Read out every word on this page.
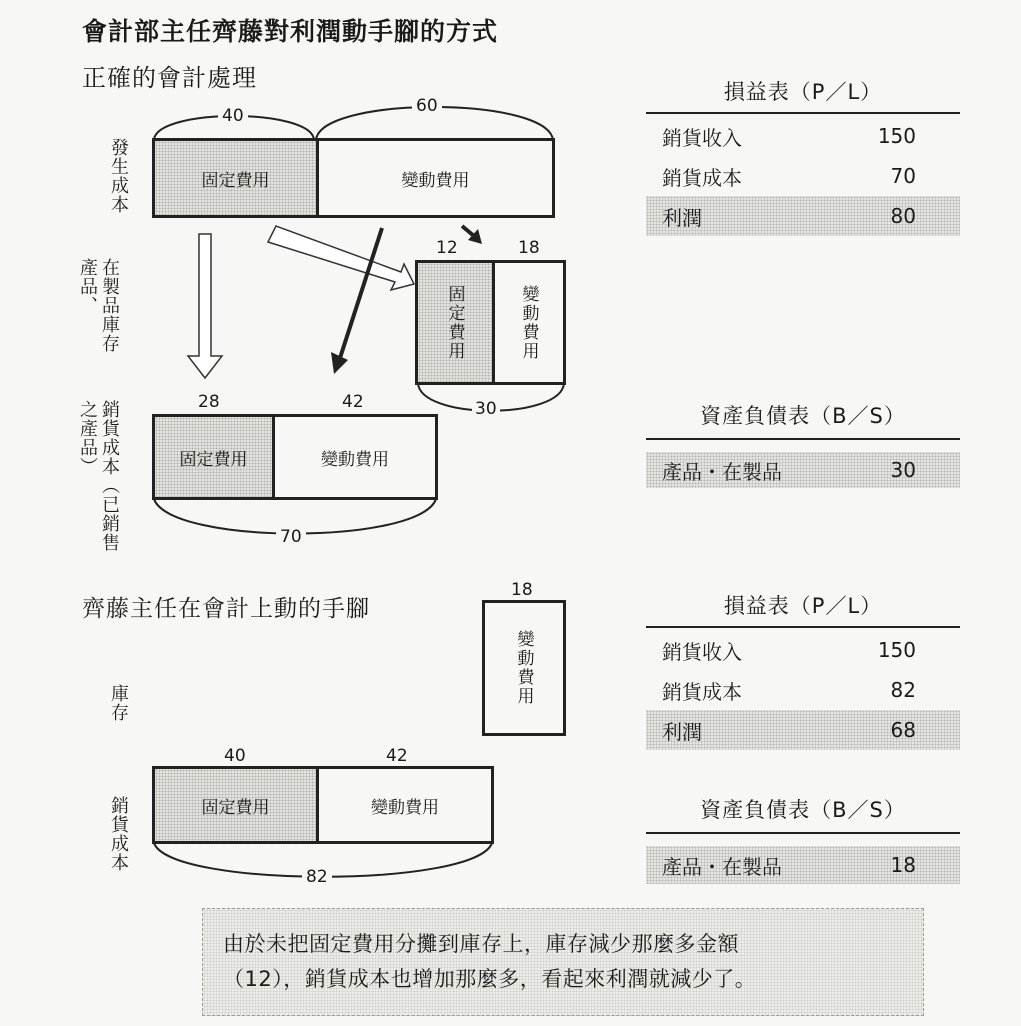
會計部主任齊藤對利潤動手腳的方式
正確的會計處理
40	60
發生成本
在製品庫存產品、
銷貨成本（已銷售之產品）
固定費用	變動費用
12	18
固定費用	變動費用
30
28	42
固定費用	變動費用
70
齊藤主任在會計上動的手腳
18
變動費用
庫存
銷貨成本
40	42
固定費用	變動費用
82
損益表（P／L）
銷貨收入	150
銷貨成本	70
利潤	80
資產負債表（B／S）
產品・在製品	30
損益表（P／L）
銷貨收入	150
銷貨成本	82
利潤	68
資產負債表（B／S）
產品・在製品	18
由於未把固定費用分攤到庫存上，庫存減少那麼多金額
（12），銷貨成本也增加那麼多，看起來利潤就減少了。
